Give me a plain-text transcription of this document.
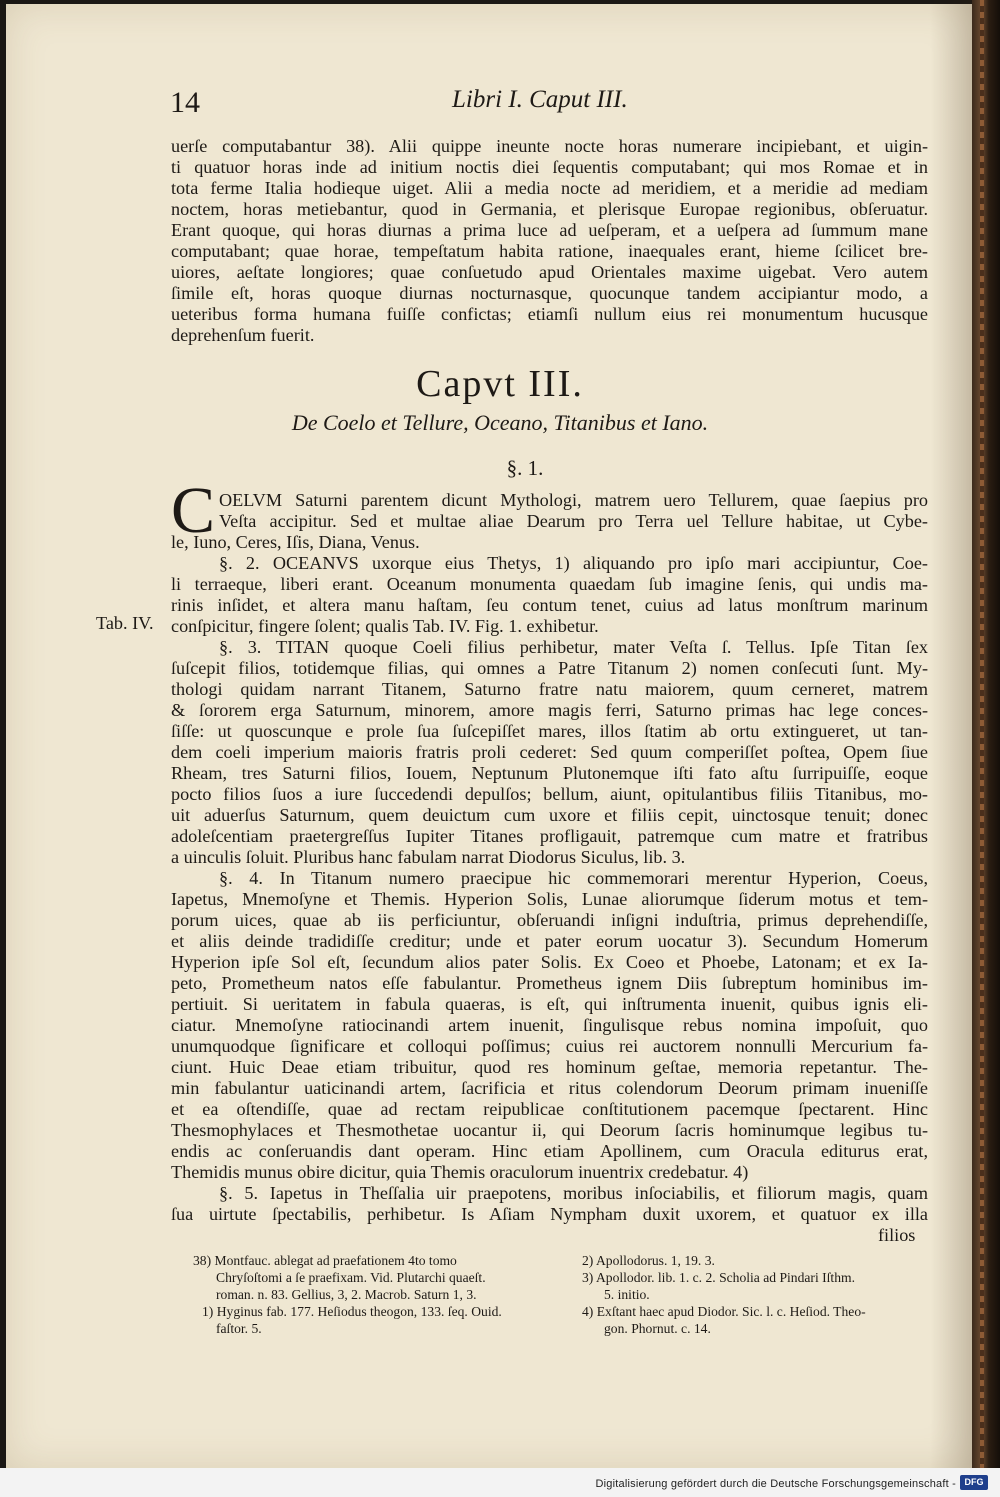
14	Libri I. Caput III.
uerſe computabantur 38). Alii quippe ineunte nocte horas numerare incipiebant, et uigin-
ti quatuor horas inde ad initium noctis diei ſequentis computabant; qui mos Romae et in
tota ferme Italia hodieque uiget. Alii a media nocte ad meridiem, et a meridie ad mediam
noctem, horas metiebantur, quod in Germania, et plerisque Europae regionibus, obſeruatur.
Erant quoque, qui horas diurnas a prima luce ad ueſperam, et a ueſpera ad ſummum mane
computabant; quae horae, tempeſtatum habita ratione, inaequales erant, hieme ſcilicet bre-
uiores, aeſtate longiores; quae conſuetudo apud Orientales maxime uigebat. Vero autem
ſimile eſt, horas quoque diurnas nocturnasque, quocunque tandem accipiantur modo, a
ueteribus forma humana fuiſſe confictas; etiamſi nullum eius rei monumentum hucusque
deprehenſum fuerit.
Capvt III.
De Coelo et Tellure, Oceano, Titanibus et Iano.
§. 1.
C OELVM Saturni parentem dicunt Mythologi, matrem uero Tellurem, quae ſaepius pro
Veſta accipitur. Sed et multae aliae Dearum pro Terra uel Tellure habitae, ut Cybe-
le, Iuno, Ceres, Iſis, Diana, Venus.
§. 2. OCEANVS uxorque eius Thetys, 1) aliquando pro ipſo mari accipiuntur, Coe-
li terraeque, liberi erant. Oceanum monumenta quaedam ſub imagine ſenis, qui undis ma-
rinis inſidet, et altera manu haſtam, ſeu contum tenet, cuius ad latus monſtrum marinum
conſpicitur, fingere ſolent; qualis Tab. IV. Fig. 1. exhibetur.
Tab. IV.
§. 3. TITAN quoque Coeli filius perhibetur, mater Veſta ſ. Tellus. Ipſe Titan ſex
ſuſcepit filios, totidemque filias, qui omnes a Patre Titanum 2) nomen conſecuti ſunt. My-
thologi quidam narrant Titanem, Saturno fratre natu maiorem, quum cerneret, matrem
& ſororem erga Saturnum, minorem, amore magis ferri, Saturno primas hac lege conces-
ſiſſe: ut quoscunque e prole ſua ſuſcepiſſet mares, illos ſtatim ab ortu extingueret, ut tan-
dem coeli imperium maioris fratris proli cederet: Sed quum comperiſſet poſtea, Opem ſiue
Rheam, tres Saturni filios, Iouem, Neptunum Plutonemque iſti fato aſtu ſurripuiſſe, eoque
pocto filios ſuos a iure ſuccedendi depulſos; bellum, aiunt, opitulantibus filiis Titanibus, mo-
uit aduerſus Saturnum, quem deuictum cum uxore et filiis cepit, uinctosque tenuit; donec
adoleſcentiam praetergreſſus Iupiter Titanes profligauit, patremque cum matre et fratribus
a uinculis ſoluit. Pluribus hanc fabulam narrat Diodorus Siculus, lib. 3.
§. 4. In Titanum numero praecipue hic commemorari merentur Hyperion, Coeus,
Iapetus, Mnemoſyne et Themis. Hyperion Solis, Lunae aliorumque ſiderum motus et tem-
porum uices, quae ab iis perficiuntur, obſeruandi inſigni induſtria, primus deprehendiſſe,
et aliis deinde tradidiſſe creditur; unde et pater eorum uocatur 3). Secundum Homerum
Hyperion ipſe Sol eſt, ſecundum alios pater Solis. Ex Coeo et Phoebe, Latonam; et ex Ia-
peto, Prometheum natos eſſe fabulantur. Prometheus ignem Diis ſubreptum hominibus im-
pertiuit. Si ueritatem in fabula quaeras, is eſt, qui inſtrumenta inuenit, quibus ignis eli-
ciatur. Mnemoſyne ratiocinandi artem inuenit, ſingulisque rebus nomina impoſuit, quo
unumquodque ſignificare et colloqui poſſimus; cuius rei auctorem nonnulli Mercurium fa-
ciunt. Huic Deae etiam tribuitur, quod res hominum geſtae, memoria repetantur. The-
min fabulantur uaticinandi artem, ſacrificia et ritus colendorum Deorum primam inueniſſe
et ea oſtendiſſe, quae ad rectam reipublicae conſtitutionem pacemque ſpectarent. Hinc
Thesmophylaces et Thesmothetae uocantur ii, qui Deorum ſacris hominumque legibus tu-
endis ac conſeruandis dant operam. Hinc etiam Apollinem, cum Oracula editurus erat,
Themidis munus obire dicitur, quia Themis oraculorum inuentrix credebatur. 4)
§. 5. Iapetus in Theſſalia uir praepotens, moribus inſociabilis, et filiorum magis, quam
ſua uirtute ſpectabilis, perhibetur. Is Aſiam Nympham duxit uxorem, et quatuor ex illa
filios
38) Montfauc. ablegat ad praefationem 4to tomo
Chryſoſtomi a ſe praefixam. Vid. Plutarchi quaeſt.
roman. n. 83. Gellius, 3, 2. Macrob. Saturn 1, 3.
1) Hyginus fab. 177. Heſiodus theogon, 133. ſeq. Ouid.
faſtor. 5.
2) Apollodorus. 1, 19. 3.
3) Apollodor. lib. 1. c. 2. Scholia ad Pindari Iſthm.
5. initio.
4) Exſtant haec apud Diodor. Sic. l. c. Heſiod. Theo-
gon. Phornut. c. 14.
Digitalisierung gefördert durch die Deutsche Forschungsgemeinschaft - DFG
